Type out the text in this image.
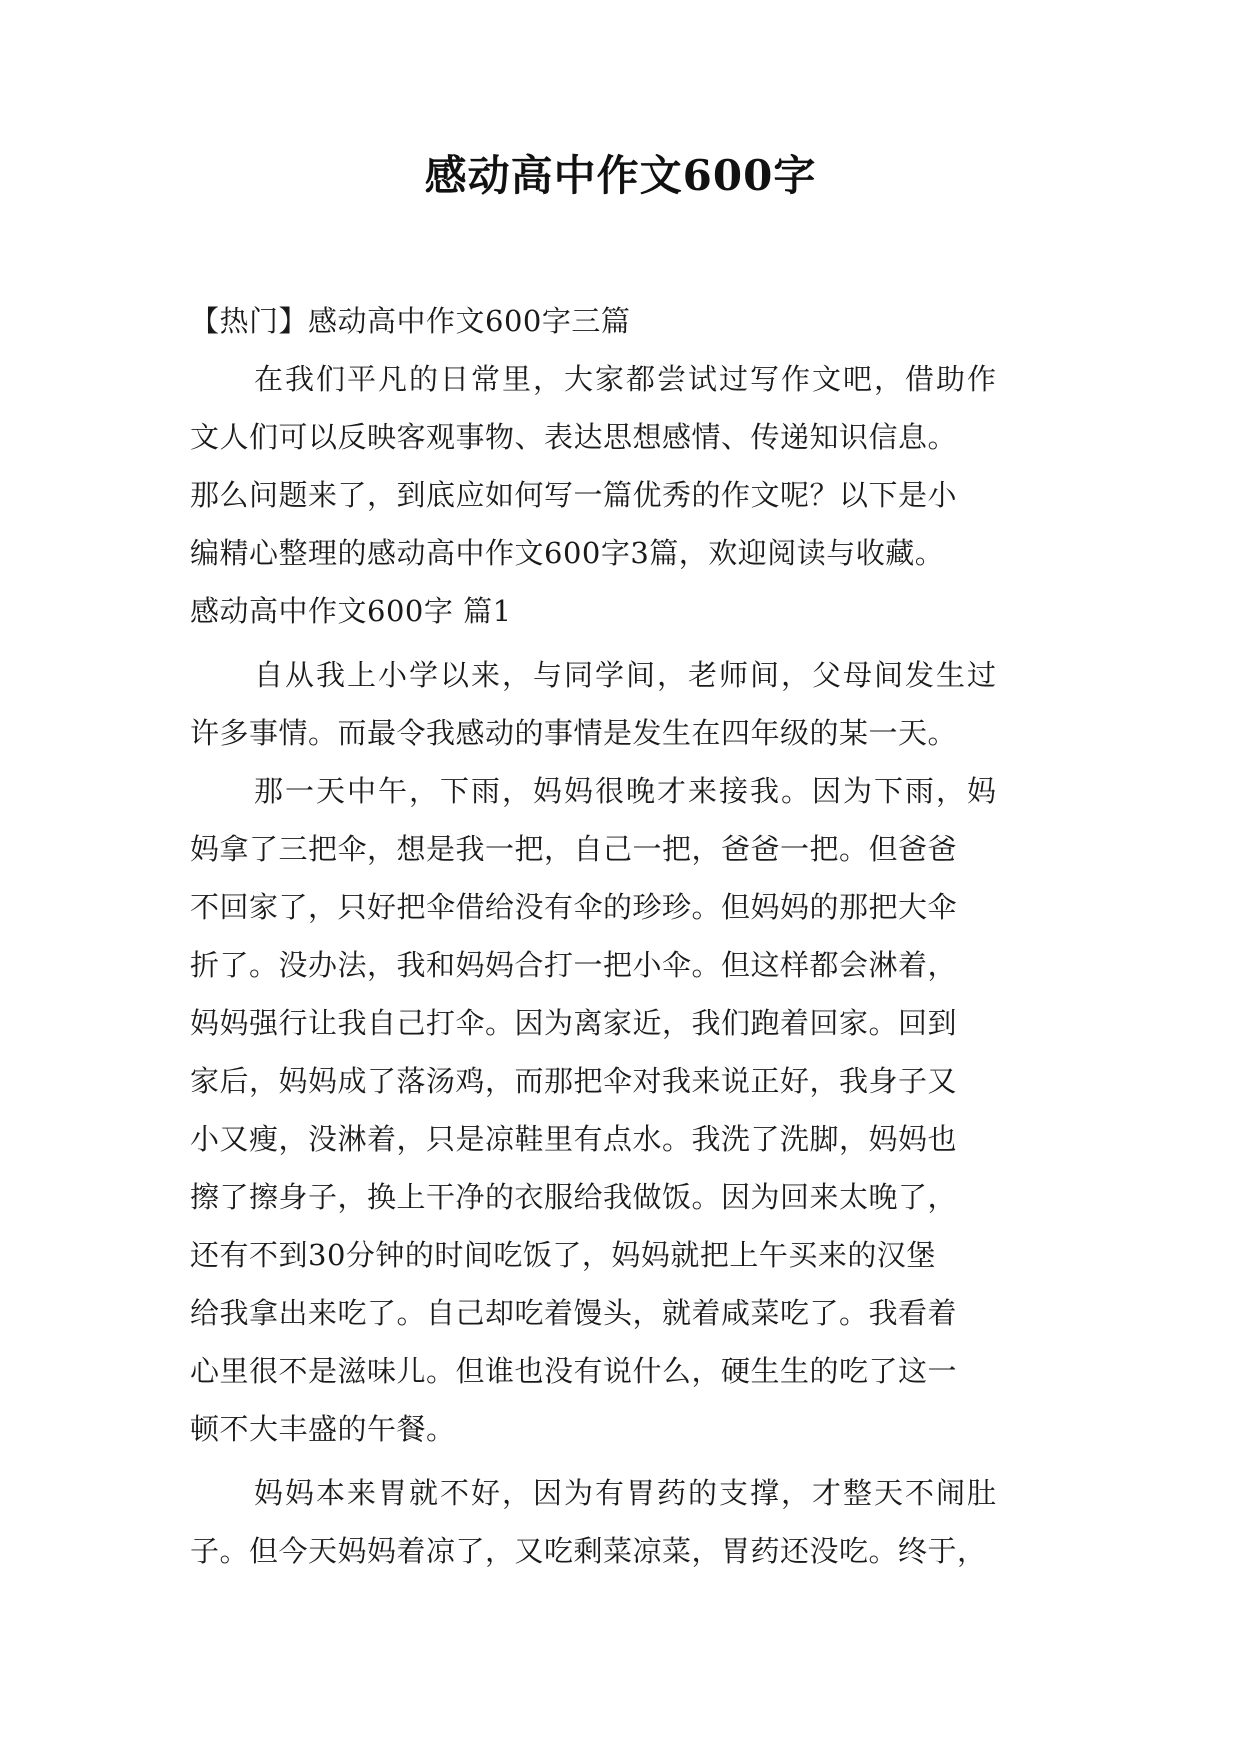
感动高中作文600字
【热门】感动高中作文600字三篇
在我们平凡的日常里，大家都尝试过写作文吧，借助作
文人们可以反映客观事物、表达思想感情、传递知识信息。
那么问题来了，到底应如何写一篇优秀的作文呢？以下是小
编精心整理的感动高中作文600字3篇，欢迎阅读与收藏。
感动高中作文600字 篇1
自从我上小学以来，与同学间，老师间，父母间发生过
许多事情。而最令我感动的事情是发生在四年级的某一天。
那一天中午，下雨，妈妈很晚才来接我。因为下雨，妈
妈拿了三把伞，想是我一把，自己一把，爸爸一把。但爸爸
不回家了，只好把伞借给没有伞的珍珍。但妈妈的那把大伞
折了。没办法，我和妈妈合打一把小伞。但这样都会淋着，
妈妈强行让我自己打伞。因为离家近，我们跑着回家。回到
家后，妈妈成了落汤鸡，而那把伞对我来说正好，我身子又
小又瘦，没淋着，只是凉鞋里有点水。我洗了洗脚，妈妈也
擦了擦身子，换上干净的衣服给我做饭。因为回来太晚了，
还有不到30分钟的时间吃饭了，妈妈就把上午买来的汉堡
给我拿出来吃了。自己却吃着馒头，就着咸菜吃了。我看着
心里很不是滋味儿。但谁也没有说什么，硬生生的吃了这一
顿不大丰盛的午餐。
妈妈本来胃就不好，因为有胃药的支撑，才整天不闹肚
子。但今天妈妈着凉了，又吃剩菜凉菜，胃药还没吃。终于，
